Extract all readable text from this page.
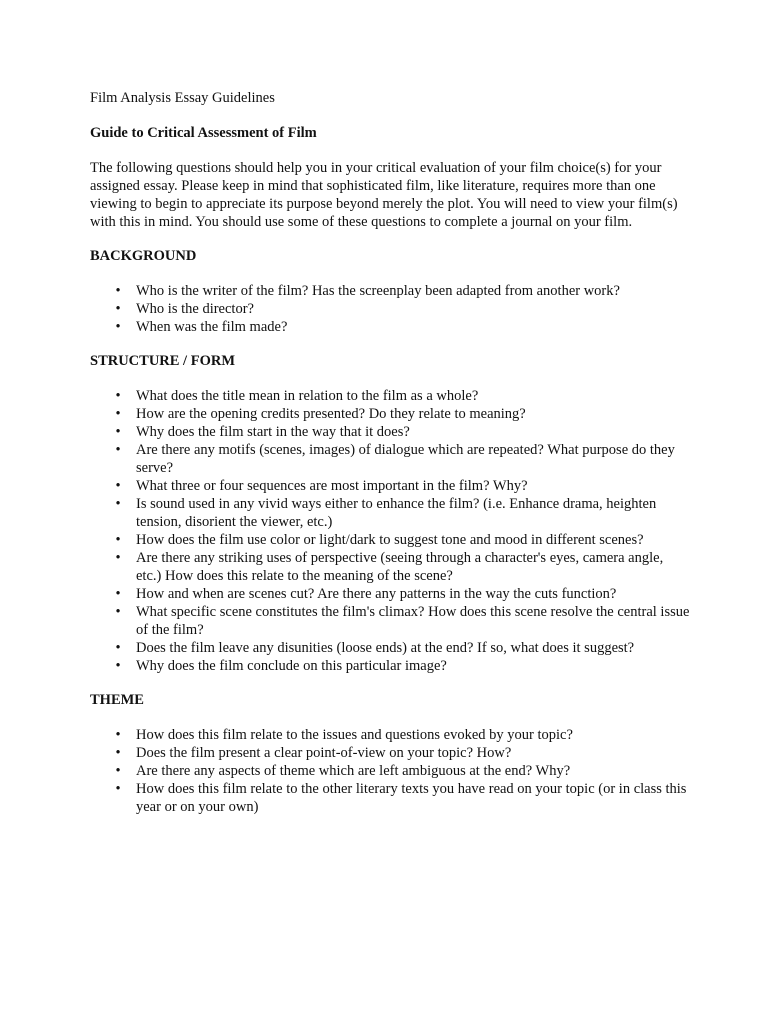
Film Analysis Essay Guidelines
Guide to Critical Assessment of Film
The following questions should help you in your critical evaluation of your film choice(s) for your assigned essay. Please keep in mind that sophisticated film, like literature, requires more than one viewing to begin to appreciate its purpose beyond merely the plot. You will need to view your film(s) with this in mind. You should use some of these questions to complete a journal on your film.
BACKGROUND
• Who is the writer of the film? Has the screenplay been adapted from another work?
• Who is the director?
• When was the film made?
STRUCTURE / FORM
• What does the title mean in relation to the film as a whole?
• How are the opening credits presented? Do they relate to meaning?
• Why does the film start in the way that it does?
• Are there any motifs (scenes, images) of dialogue which are repeated? What purpose do they serve?
• What three or four sequences are most important in the film? Why?
• Is sound used in any vivid ways either to enhance the film? (i.e. Enhance drama, heighten tension, disorient the viewer, etc.)
• How does the film use color or light/dark to suggest tone and mood in different scenes?
• Are there any striking uses of perspective (seeing through a character's eyes, camera angle, etc.) How does this relate to the meaning of the scene?
• How and when are scenes cut? Are there any patterns in the way the cuts function?
• What specific scene constitutes the film's climax? How does this scene resolve the central issue of the film?
• Does the film leave any disunities (loose ends) at the end? If so, what does it suggest?
• Why does the film conclude on this particular image?
THEME
• How does this film relate to the issues and questions evoked by your topic?
• Does the film present a clear point-of-view on your topic? How?
• Are there any aspects of theme which are left ambiguous at the end? Why?
• How does this film relate to the other literary texts you have read on your topic (or in class this year or on your own)
